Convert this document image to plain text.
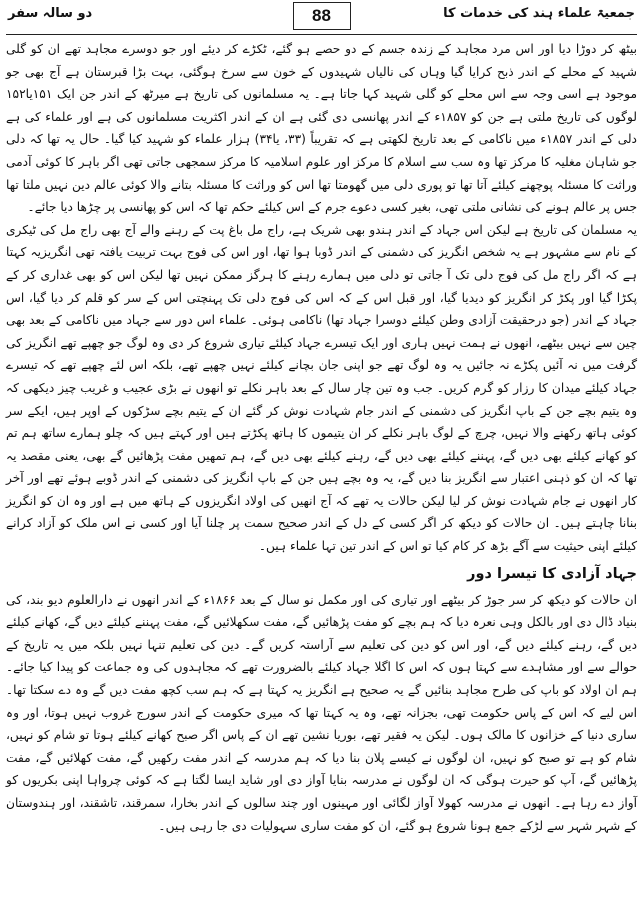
جمعیۃ علماء ہند کی خدمات کا
88
دو سالہ سفر

بیٹھ کر دوڑا دیا اور اس مرد مجاہد کے زندہ جسم کے دو حصے ہو گئے، ٹکڑے کر دیئے اور جو دوسرے مجاہد تھے ان کو گلی شہید کے محلے کے اندر ذبح کرایا گیا وہاں کی نالیاں شہیدوں کے خون سے سرخ ہوگئی، بہت بڑا قبرستان ہے آج بھی جو موجود ہے اسی وجہ سے اس محلے کو گلی شہید کہا جاتا ہے۔ یہ مسلمانوں کی تاریخ ہے میرٹھ کے اندر جن ایک ۱۵۱یا۱۵۲ لوگوں کی تاریخ ملتی ہے جن کو ۱۸۵۷ء کے اندر پھانسی دی گئی ہے ان کے اندر اکثریت مسلمانوں کی ہے اور علماء کی ہے دلی کے اندر ۱۸۵۷ء میں ناکامی کے بعد تاریخ لکھتی ہے کہ تقریباً (۳۳، یا۳۴) ہزار علماء کو شہید کیا گیا۔ حال یہ تھا کہ دلی جو شاہان مغلیہ کا مرکز تھا وہ سب سے اسلام کا مرکز اور علوم اسلامیہ کا مرکز سمجھی جاتی تھی اگر باہر کا کوئی آدمی وراثت کا مسئلہ پوچھنے کیلئے آتا تھا تو پوری دلی میں گھومتا تھا اس کو وراثت کا مسئلہ بتانے والا کوئی عالم دین نہیں ملتا تھا جس پر عالم ہونے کی نشانی ملتی تھی، بغیر کسی دعوے جرم کے اس کیلئے حکم تھا کہ اس کو پھانسی پر چڑھا دیا جائے۔

یہ مسلمان کی تاریخ ہے لیکن اس جہاد کے اندر ہندو بھی شریک ہے، راج مل باغ پت کے رہنے والے آج بھی راج مل کی ٹیکری کے نام سے مشہور ہے یہ شخص انگریز کی دشمنی کے اندر ڈوبا ہوا تھا، اور اس کی فوج بہت تربیت یافتہ تھی انگریزیہ کہتا ہے کہ اگر راج مل کی فوج دلی تک آ جاتی تو دلی میں ہمارے رہنے کا ہرگز ممکن نہیں تھا لیکن اس کو بھی غداری کر کے پکڑا گیا اور پکڑ کر انگریز کو دیدیا گیا، اور قبل اس کے کہ اس کی فوج دلی تک پہنچتی اس کے سر کو قلم کر دیا گیا، اس جہاد کے اندر (جو درحقیقت آزادی وطن کیلئے دوسرا جہاد تھا) ناکامی ہوئی۔ علماء اس دور سے جہاد میں ناکامی کے بعد بھی چین سے نہیں بیٹھے، انھوں نے ہمت نہیں ہاری اور ایک تیسرے جہاد کیلئے تیاری شروع کر دی وہ لوگ جو چھپے تھے انگریز کی گرفت میں نہ آئیں پکڑے نہ جائیں یہ وہ لوگ تھے جو اپنی جان بچانے کیلئے نہیں چھپے تھے، بلکہ اس لئے چھپے تھے کہ تیسرے جہاد کیلئے میدان کا رزار کو گرم کریں۔ جب وہ تین چار سال کے بعد باہر نکلے تو انھوں نے بڑی عجیب و غریب چیز دیکھی کہ وہ یتیم بچے جن کے باپ انگریز کی دشمنی کے اندر جام شہادت نوش کر گئے ان کے یتیم بچے سڑکوں کے اوپر ہیں، ایکے سر کوئی ہاتھ رکھنے والا نہیں، چرچ کے لوگ باہر نکلے کر ان یتیموں کا ہاتھ پکڑتے ہیں اور کہتے ہیں کہ چلو ہمارے ساتھ ہم تم کو کھانے کیلئے بھی دیں گے، پہننے کیلئے بھی دیں گے، رہنے کیلئے بھی دیں گے، ہم تمھیں مفت پڑھائیں گے بھی، یعنی مقصد یہ تھا کہ ان کو ذہنی اعتبار سے انگریز بنا دیں گے، یہ وہ بچے ہیں جن کے باپ انگریز کی دشمنی کے اندر ڈوبے ہوئے تھے اور آخر کار انھوں نے جام شہادت نوش کر لیا لیکن حالات یہ تھے کہ آج انھیں کی اولاد انگریزوں کے ہاتھ میں ہے اور وہ ان کو انگریز بنانا چاہتے ہیں۔ ان حالات کو دیکھ کر اگر کسی کے دل کے اندر صحیح سمت پر چلنا آیا اور کسی نے اس ملک کو آزاد کرانے کیلئے اپنی حیثیت سے آگے بڑھ کر کام کیا تو اس کے اندر تین تہا علماء ہیں۔

جہاد آزادی کا تیسرا دور

ان حالات کو دیکھ کر سر جوڑ کر بیٹھے اور تیاری کی اور مکمل نو سال کے بعد ۱۸۶۶ء کے اندر انھوں نے دارالعلوم دیو بند، کی بنیاد ڈال دی اور بالکل وہی نعرہ دیا کہ ہم بچے کو مفت پڑھائیں گے، مفت سکھلائیں گے، مفت پہننے کیلئے دیں گے، کھانے کیلئے دیں گے، رہنے کیلئے دیں گے، اور اس کو دین کی تعلیم سے آراستہ کریں گے۔ دین کی تعلیم تنہا نہیں بلکہ میں یہ تاریخ کے حوالے سے اور مشاہدے سے کہتا ہوں کہ اس کا اگلا جہاد کیلئے بالضرورت تھے کہ مجاہدوں کی وہ جماعت کو پیدا کیا جائے۔ ہم ان اولاد کو باپ کی طرح مجاہد بنائیں گے یہ صحیح ہے انگریز یہ کہتا ہے کہ ہم سب کچھ مفت دیں گے وہ دے سکتا تھا۔ اس لیے کہ اس کے پاس حکومت تھی، بجزانہ تھے، وہ یہ کہتا تھا کہ میری حکومت کے اندر سورج غروب نہیں ہوتا، اور وہ ساری دنیا کے خزانوں کا مالک ہوں۔ لیکن یہ فقیر تھے، بوریا نشین تھے ان کے پاس اگر صبح کھانے کیلئے ہوتا تو شام کو نہیں، شام کو ہے تو صبح کو نہیں، ان لوگوں نے کیسے پلان بنا دیا کہ ہم مدرسہ کے اندر مفت رکھیں گے، مفت کھلائیں گے، مفت پڑھائیں گے، آپ کو حیرت ہوگی کہ ان لوگوں نے مدرسہ بنایا آواز دی اور شاید ایسا لگتا ہے کہ کوئی چرواہا اپنی بکریوں کو آواز دے رہا ہے۔ انھوں نے مدرسہ کھولا آواز لگائی اور مہینوں اور چند سالوں کے اندر بخارا، سمرقند، تاشقند، اور ہندوستان کے شہر شہر سے لڑکے جمع ہونا شروع ہو گئے، ان کو مفت ساری سہولیات دی جا رہی ہیں۔
